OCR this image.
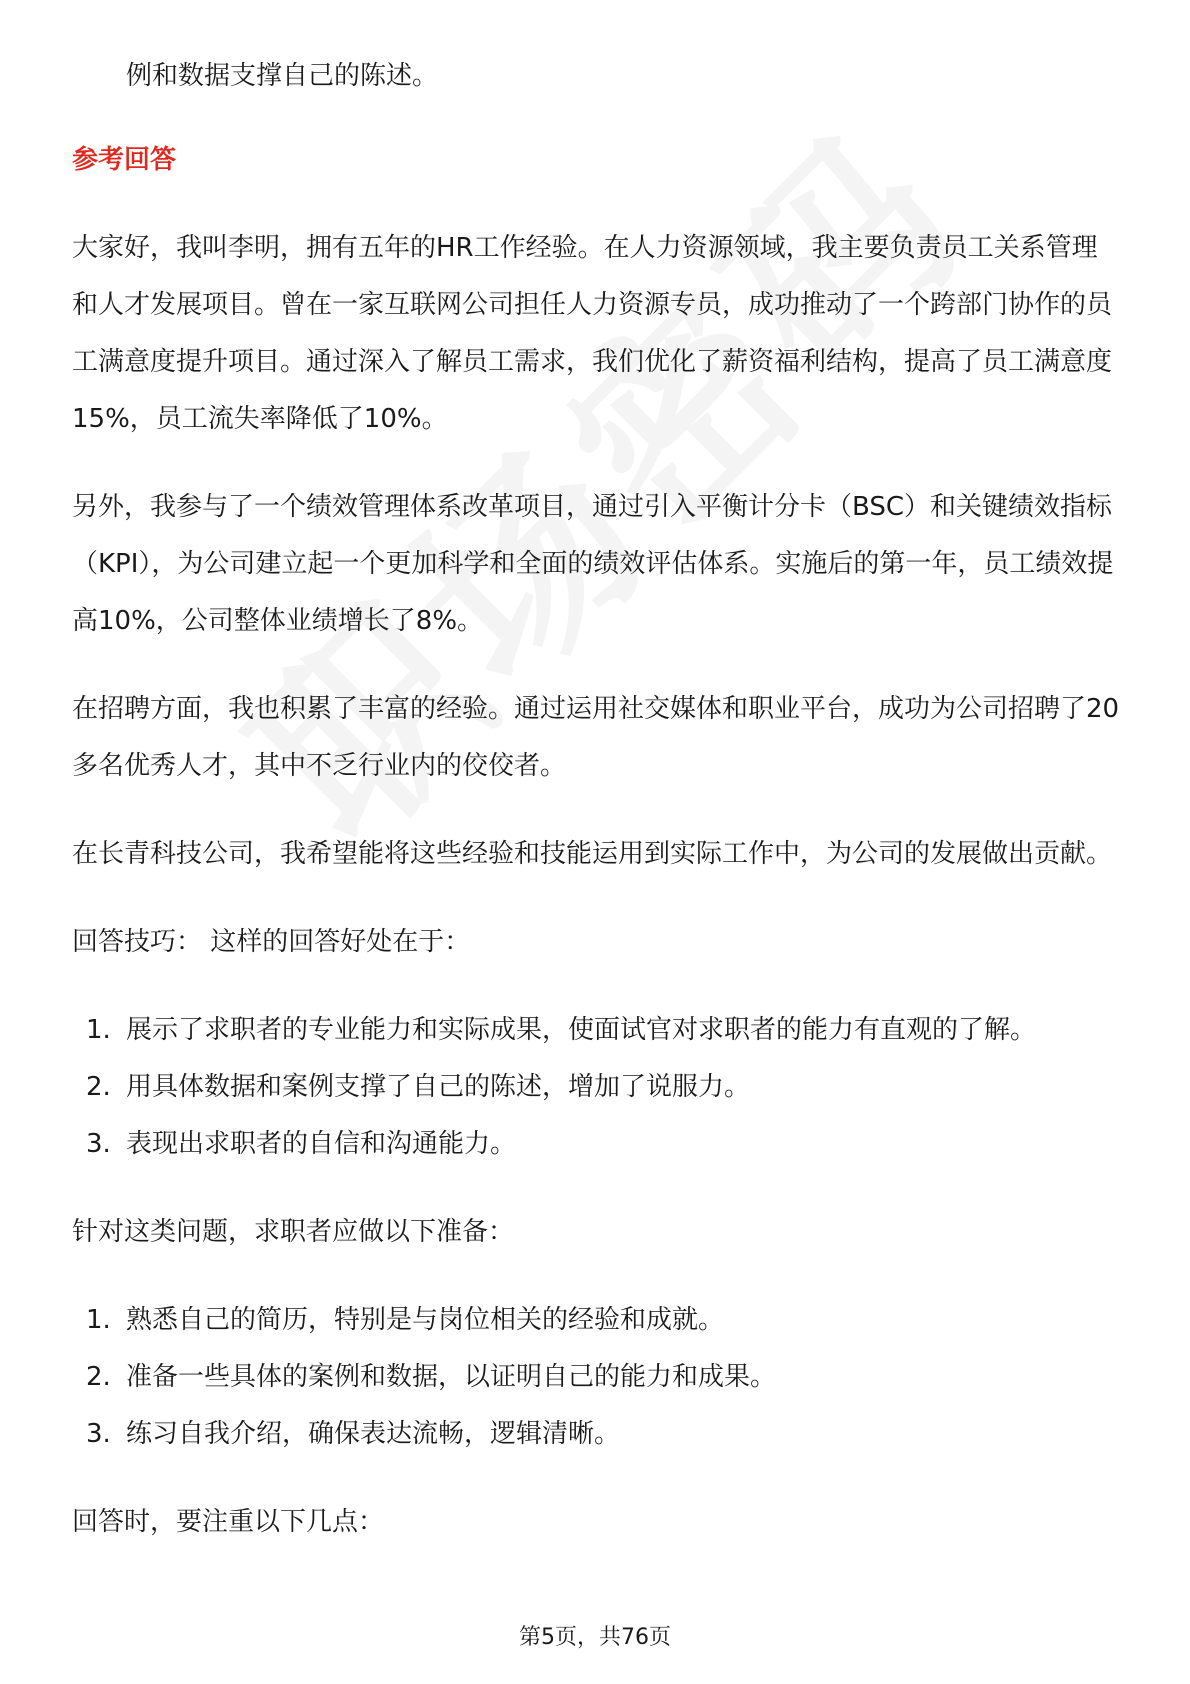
例和数据支撑自己的陈述。

参考回答

大家好，我叫李明，拥有五年的HR工作经验。在人力资源领域，我主要负责员工关系管理和人才发展项目。曾在一家互联网公司担任人力资源专员，成功推动了一个跨部门协作的员工满意度提升项目。通过深入了解员工需求，我们优化了薪资福利结构，提高了员工满意度15%，员工流失率降低了10%。

另外，我参与了一个绩效管理体系改革项目，通过引入平衡计分卡（BSC）和关键绩效指标（KPI），为公司建立起一个更加科学和全面的绩效评估体系。实施后的第一年，员工绩效提高10%，公司整体业绩增长了8%。

在招聘方面，我也积累了丰富的经验。通过运用社交媒体和职业平台，成功为公司招聘了20多名优秀人才，其中不乏行业内的佼佼者。

在长青科技公司，我希望能将这些经验和技能运用到实际工作中，为公司的发展做出贡献。

回答技巧： 这样的回答好处在于：

1. 展示了求职者的专业能力和实际成果，使面试官对求职者的能力有直观的了解。
2. 用具体数据和案例支撑了自己的陈述，增加了说服力。
3. 表现出求职者的自信和沟通能力。

针对这类问题，求职者应做以下准备：

1. 熟悉自己的简历，特别是与岗位相关的经验和成就。
2. 准备一些具体的案例和数据，以证明自己的能力和成果。
3. 练习自我介绍，确保表达流畅，逻辑清晰。

回答时，要注重以下几点：

第5页，共76页
